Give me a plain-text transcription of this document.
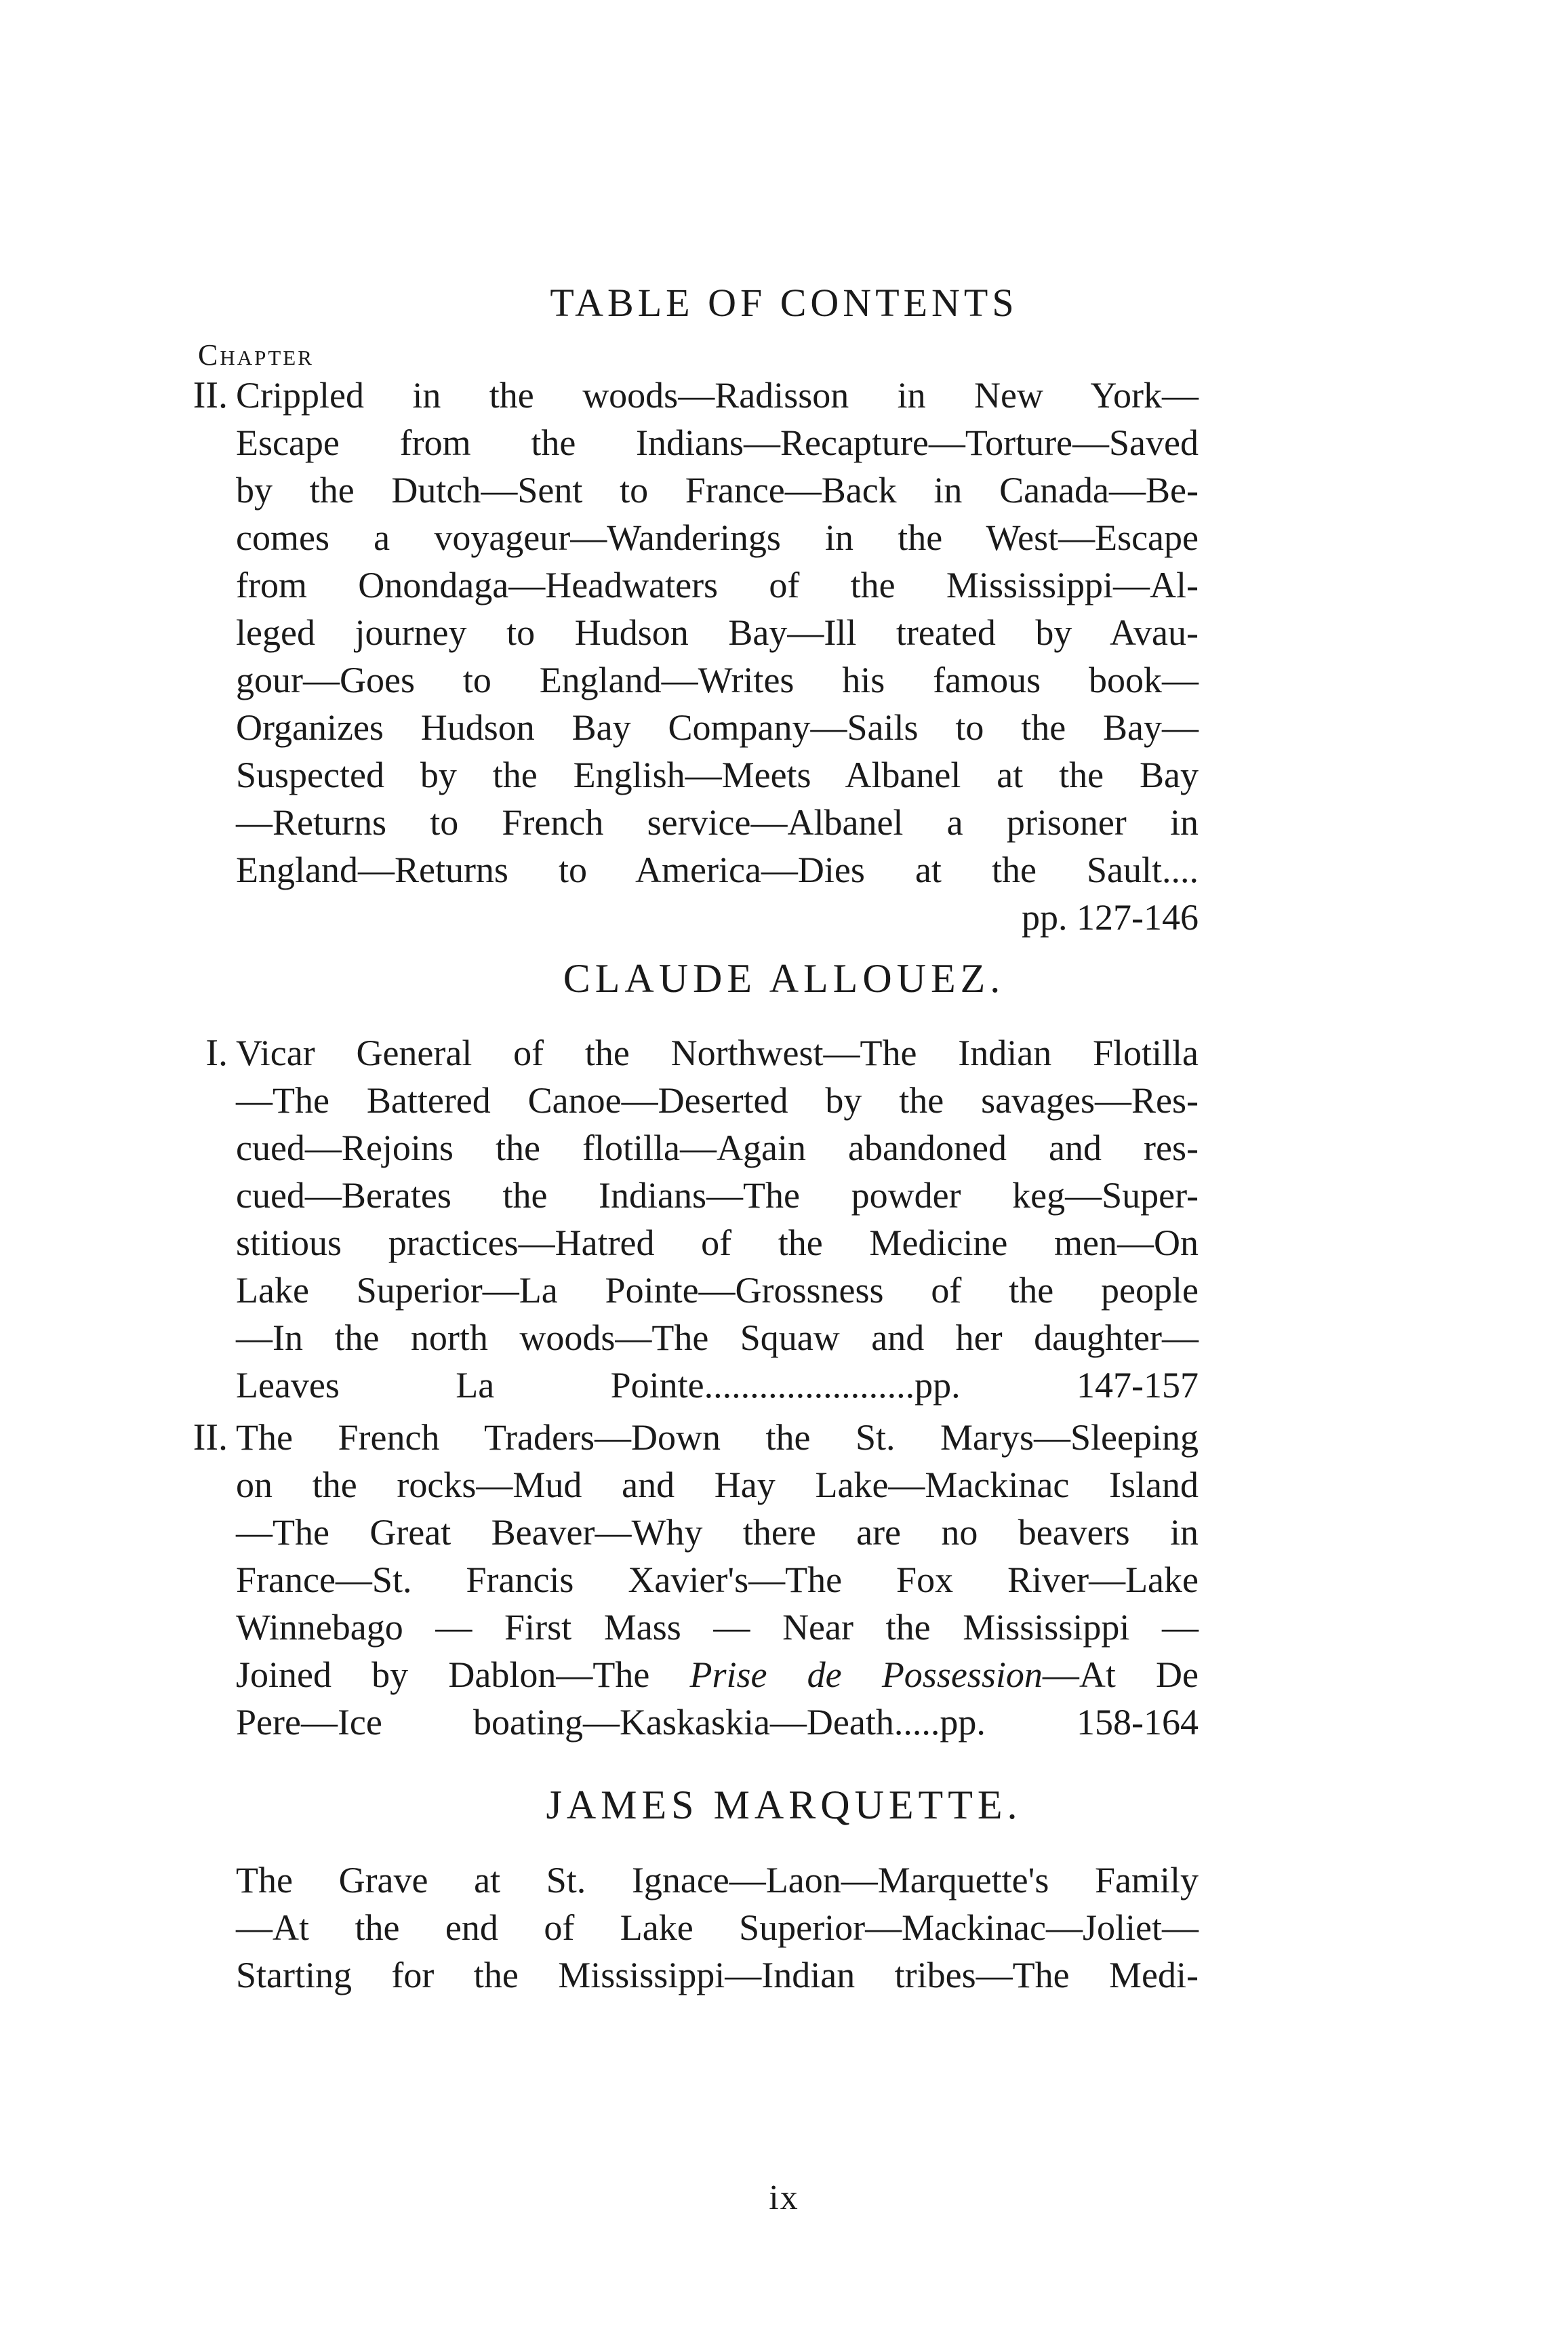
TABLE OF CONTENTS
Chapter
II. Crippled in the woods—Radisson in New York—
Escape from the Indians—Recapture—Torture—Saved
by the Dutch—Sent to France—Back in Canada—Be-
comes a voyageur—Wanderings in the West—Escape
from Onondaga—Headwaters of the Mississippi—Al-
leged journey to Hudson Bay—Ill treated by Avau-
gour—Goes to England—Writes his famous book—
Organizes Hudson Bay Company—Sails to the Bay—
Suspected by the English—Meets Albanel at the Bay
—Returns to French service—Albanel a prisoner in
England—Returns to America—Dies at the Sault....
pp. 127-146
CLAUDE ALLOUEZ.
I. Vicar General of the Northwest—The Indian Flotilla
—The Battered Canoe—Deserted by the savages—Res-
cued—Rejoins the flotilla—Again abandoned and res-
cued—Berates the Indians—The powder keg—Super-
stitious practices—Hatred of the Medicine men—On
Lake Superior—La Pointe—Grossness of the people
—In the north woods—The Squaw and her daughter—
Leaves La Pointe.......................pp. 147-157
II. The French Traders—Down the St. Marys—Sleeping
on the rocks—Mud and Hay Lake—Mackinac Island
—The Great Beaver—Why there are no beavers in
France—St. Francis Xavier's—The Fox River—Lake
Winnebago — First Mass — Near the Mississippi —
Joined by Dablon—The Prise de Possession—At De
Pere—Ice boating—Kaskaskia—Death.....pp. 158-164
JAMES MARQUETTE.
The Grave at St. Ignace—Laon—Marquette's Family
—At the end of Lake Superior—Mackinac—Joliet—
Starting for the Mississippi—Indian tribes—The Medi-
ix
